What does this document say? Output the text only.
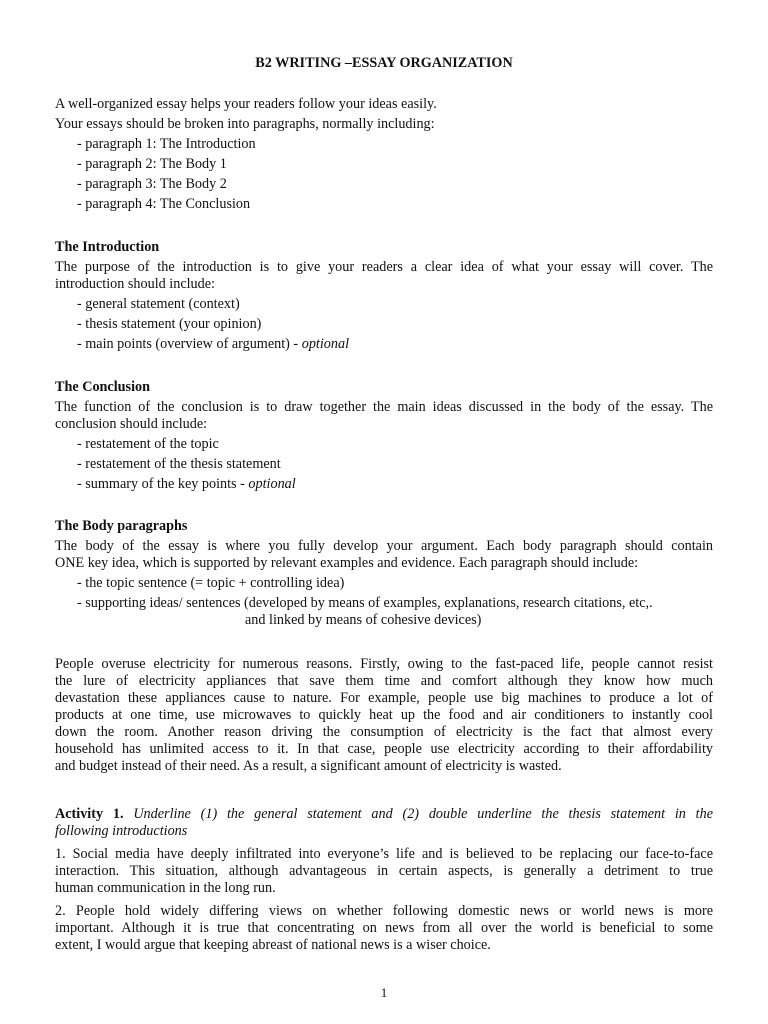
B2 WRITING –ESSAY ORGANIZATION
A well-organized essay helps your readers follow your ideas easily.
Your essays should be broken into paragraphs, normally including:
- paragraph 1: The Introduction
- paragraph 2: The Body 1
- paragraph 3: The Body 2
- paragraph 4: The Conclusion
The Introduction
The purpose of the introduction is to give your readers a clear idea of what your essay will cover. The
introduction should include:
- general statement (context)
- thesis statement (your opinion)
- main points (overview of argument) - optional
The Conclusion
The function of the conclusion is to draw together the main ideas discussed in the body of the essay. The
conclusion should include:
- restatement of the topic
- restatement of the thesis statement
- summary of the key points - optional
The Body paragraphs
The body of the essay is where you fully develop your argument. Each body paragraph should contain
ONE key idea, which is supported by relevant examples and evidence. Each paragraph should include:
- the topic sentence (= topic + controlling idea)
- supporting ideas/ sentences (developed by means of examples, explanations, research citations, etc,.
and linked by means of cohesive devices)
People overuse electricity for numerous reasons. Firstly, owing to the fast-paced life, people cannot resist
the lure of electricity appliances that save them time and comfort although they know how much
devastation these appliances cause to nature. For example, people use big machines to produce a lot of
products at one time, use microwaves to quickly heat up the food and air conditioners to instantly cool
down the room. Another reason driving the consumption of electricity is the fact that almost every
household has unlimited access to it. In that case, people use electricity according to their affordability
and budget instead of their need. As a result, a significant amount of electricity is wasted.
Activity 1. Underline (1) the general statement and (2) double underline the thesis statement in the
following introductions
1. Social media have deeply infiltrated into everyone’s life and is believed to be replacing our face-to-face
interaction. This situation, although advantageous in certain aspects, is generally a detriment to true
human communication in the long run.
2. People hold widely differing views on whether following domestic news or world news is more
important. Although it is true that concentrating on news from all over the world is beneficial to some
extent, I would argue that keeping abreast of national news is a wiser choice.
1
